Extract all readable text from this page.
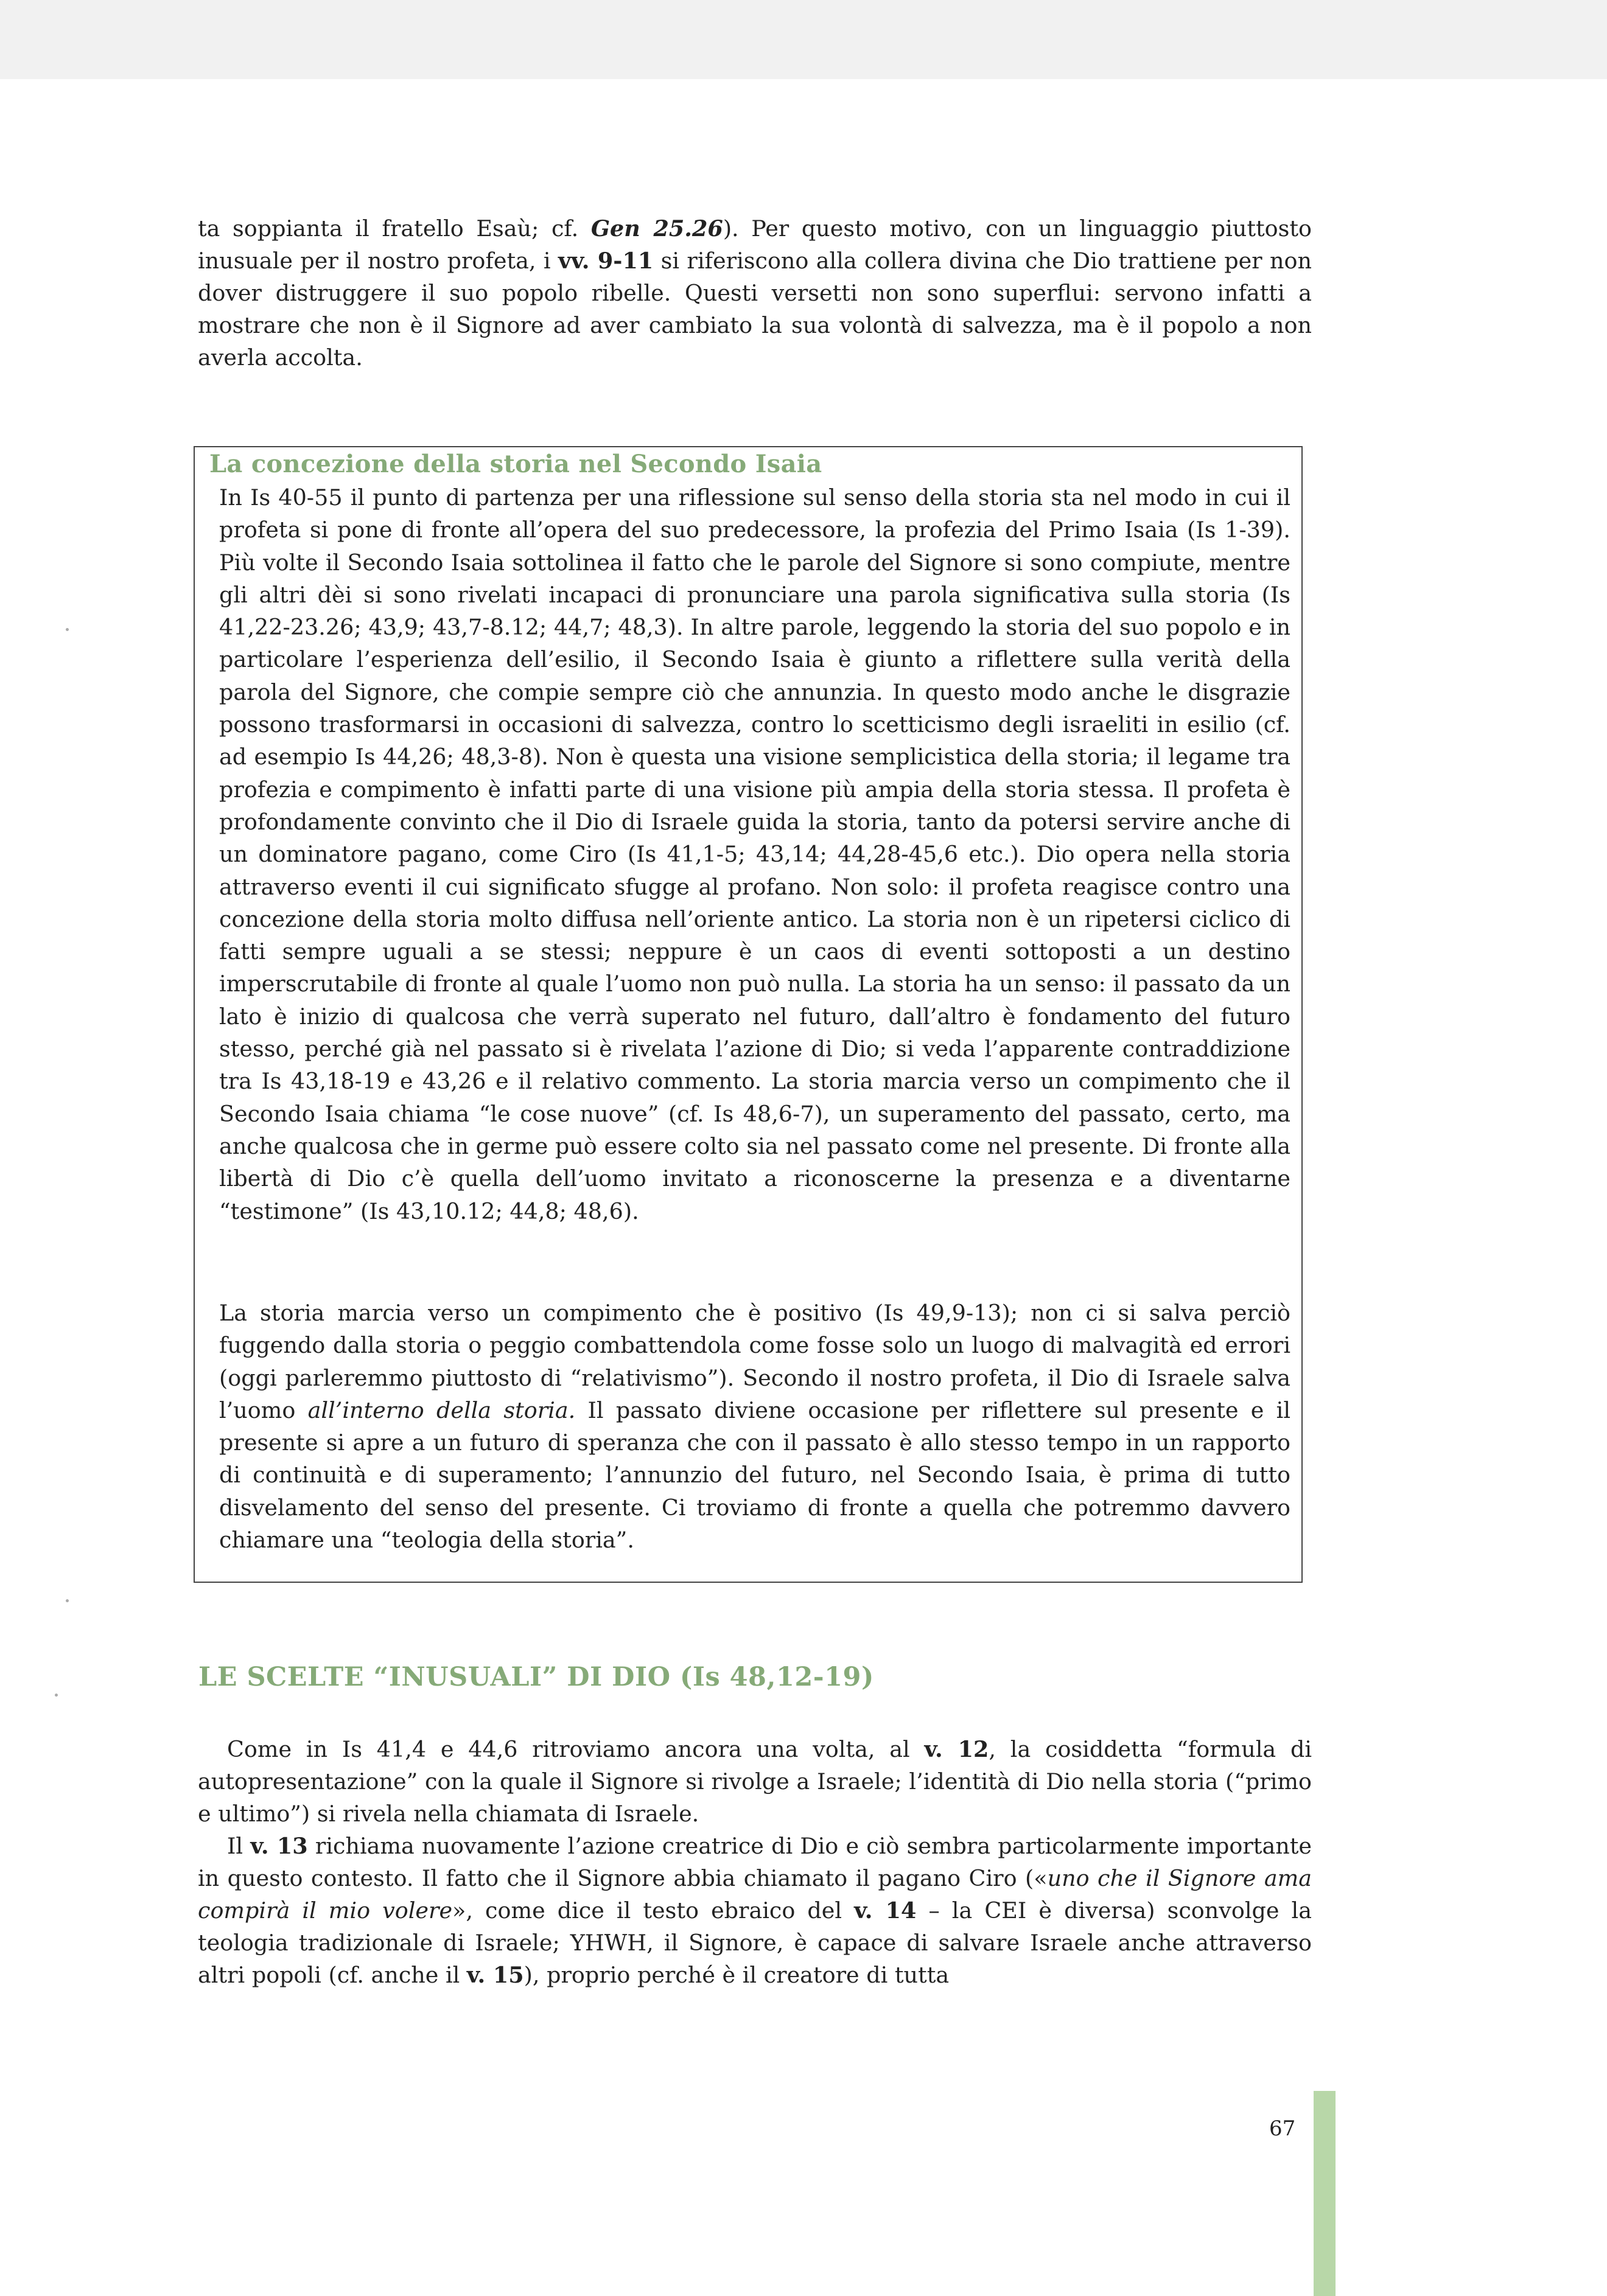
ta soppianta il fratello Esaù; cf. Gen 25.26). Per questo motivo, con un linguaggio piuttosto inusuale per il nostro profeta, i vv. 9-11 si riferiscono alla collera divina che Dio trattiene per non dover distruggere il suo popolo ribelle. Questi versetti non sono superflui: servono infatti a mostrare che non è il Signore ad aver cambiato la sua volontà di salvezza, ma è il popolo a non averla accolta.

La concezione della storia nel Secondo Isaia

In Is 40-55 il punto di partenza per una riflessione sul senso della storia sta nel modo in cui il profeta si pone di fronte all’opera del suo predecessore, la profezia del Primo Isaia (Is 1-39). Più volte il Secondo Isaia sottolinea il fatto che le parole del Signore si sono compiute, mentre gli altri dèi si sono rivelati incapaci di pronunciare una parola significativa sulla storia (Is 41,22-23.26; 43,9; 43,7-8.12; 44,7; 48,3). In altre parole, leggendo la storia del suo popolo e in particolare l’esperienza dell’esilio, il Secondo Isaia è giunto a riflettere sulla verità della parola del Signore, che compie sempre ciò che annunzia. In questo modo anche le disgrazie possono trasformarsi in occasioni di salvezza, contro lo scetticismo degli israeliti in esilio (cf. ad esempio Is 44,26; 48,3-8). Non è questa una visione semplicistica della storia; il legame tra profezia e compimento è infatti parte di una visione più ampia della storia stessa. Il profeta è profondamente convinto che il Dio di Israele guida la storia, tanto da potersi servire anche di un dominatore pagano, come Ciro (Is 41,1-5; 43,14; 44,28-45,6 etc.). Dio opera nella storia attraverso eventi il cui significato sfugge al profano. Non solo: il profeta reagisce contro una concezione della storia molto diffusa nell’oriente antico. La storia non è un ripetersi ciclico di fatti sempre uguali a se stessi; neppure è un caos di eventi sottoposti a un destino imperscrutabile di fronte al quale l’uomo non può nulla. La storia ha un senso: il passato da un lato è inizio di qualcosa che verrà superato nel futuro, dall’altro è fondamento del futuro stesso, perché già nel passato si è rivelata l’azione di Dio; si veda l’apparente contraddizione tra Is 43,18-19 e 43,26 e il relativo commento. La storia marcia verso un compimento che il Secondo Isaia chiama “le cose nuove” (cf. Is 48,6-7), un superamento del passato, certo, ma anche qualcosa che in germe può essere colto sia nel passato come nel presente. Di fronte alla libertà di Dio c’è quella dell’uomo invitato a riconoscerne la presenza e a diventarne “testimone” (Is 43,10.12; 44,8; 48,6).

La storia marcia verso un compimento che è positivo (Is 49,9-13); non ci si salva perciò fuggendo dalla storia o peggio combattendola come fosse solo un luogo di malvagità ed errori (oggi parleremmo piuttosto di “relativismo”). Secondo il nostro profeta, il Dio di Israele salva l’uomo all’interno della storia. Il passato diviene occasione per riflettere sul presente e il presente si apre a un futuro di speranza che con il passato è allo stesso tempo in un rapporto di continuità e di superamento; l’annunzio del futuro, nel Secondo Isaia, è prima di tutto disvelamento del senso del presente. Ci troviamo di fronte a quella che potremmo davvero chiamare una “teologia della storia”.

LE SCELTE “INUSUALI” DI DIO (Is 48,12-19)

Come in Is 41,4 e 44,6 ritroviamo ancora una volta, al v. 12, la cosiddetta “formula di autopresentazione” con la quale il Signore si rivolge a Israele; l’identità di Dio nella storia (“primo e ultimo”) si rivela nella chiamata di Israele.

Il v. 13 richiama nuovamente l’azione creatrice di Dio e ciò sembra particolarmente importante in questo contesto. Il fatto che il Signore abbia chiamato il pagano Ciro («uno che il Signore ama compirà il mio volere», come dice il testo ebraico del v. 14 – la CEI è diversa) sconvolge la teologia tradizionale di Israele; YHWH, il Signore, è capace di salvare Israele anche attraverso altri popoli (cf. anche il v. 15), proprio perché è il creatore di tutta

67
